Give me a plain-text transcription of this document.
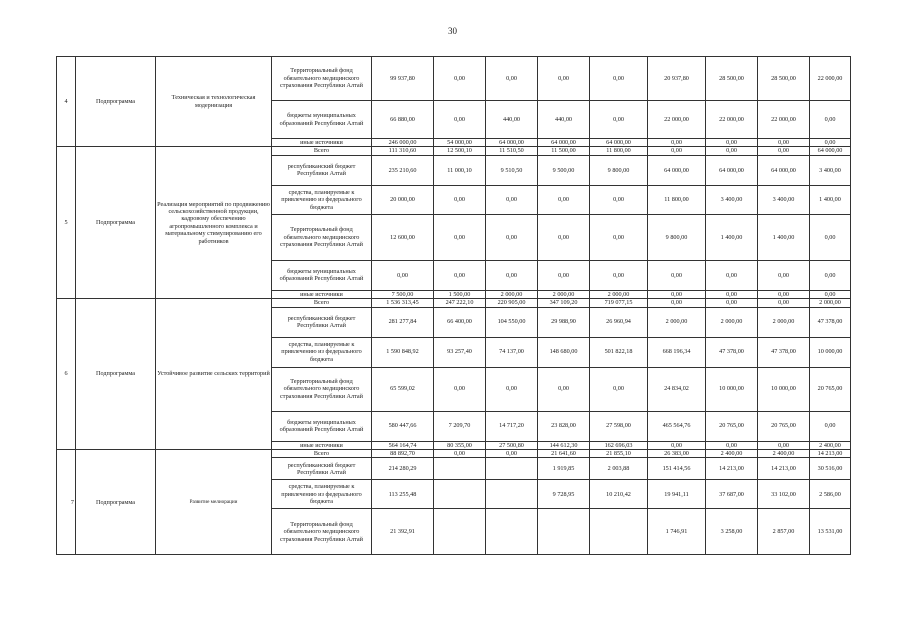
30
4	Подпрограмма	Техническая и технологическая модернизация	Территориальный фонд обязательного медицинского страхования Республики Алтай	99 937,80	0,00	0,00	0,00	0,00	20 937,80	28 500,00	28 500,00	22 000,00
			бюджеты муниципальных образований Республики Алтай	66 880,00	0,00	440,00	440,00	0,00	22 000,00	22 000,00	22 000,00	0,00
			иные источники	246 000,00	54 000,00	64 000,00	64 000,00	64 000,00	0,00	0,00	0,00	0,00
5	Подпрограмма	Реализация мероприятий по продвижению сельскохозяйственной продукции, кадровому обеспечению агропромышленного комплекса и материальному стимулированию его работников	Всего	111 310,60	12 500,10	11 510,50	11 500,00	11 800,00	0,00	0,00	0,00	64 000,00
			республиканский бюджет Республики Алтай	235 210,60	11 000,10	9 510,50	9 500,00	9 800,00	64 000,00	64 000,00	64 000,00	3 400,00
			средства, планируемые к привлечению из федерального бюджета	20 000,00	0,00	0,00	0,00	0,00	11 800,00	3 400,00	3 400,00	1 400,00
			Территориальный фонд обязательного медицинского страхования Республики Алтай	12 600,00	0,00	0,00	0,00	0,00	9 800,00	1 400,00	1 400,00	0,00
			бюджеты муниципальных образований Республики Алтай	0,00	0,00	0,00	0,00	0,00	0,00	0,00	0,00	0,00
			иные источники	7 500,00	1 500,00	2 000,00	2 000,00	2 000,00	0,00	0,00	0,00	0,00
6	Подпрограмма	Устойчивое развитие сельских территорий	Всего	1 536 313,45	247 222,10	220 905,00	347 109,20	719 077,15	0,00	0,00	0,00	2 000,00
			республиканский бюджет Республики Алтай	281 277,84	66 400,00	104 550,00	29 988,90	26 960,94	2 000,00	2 000,00	2 000,00	47 378,00
			средства, планируемые к привлечению из федерального бюджета	1 590 848,92	93 257,40	74 137,00	148 680,00	501 822,18	668 196,34	47 378,00	47 378,00	10 000,00
			Территориальный фонд обязательного медицинского страхования Республики Алтай	65 599,02	0,00	0,00	0,00	0,00	24 834,02	10 000,00	10 000,00	20 765,00
			бюджеты муниципальных образований Республики Алтай	580 447,66	7 209,70	14 717,20	23 828,00	27 598,00	465 564,76	20 765,00	20 765,00	0,00
			иные источники	564 164,74	80 355,00	27 500,80	144 612,30	162 696,03	0,00	0,00	0,00	2 400,00
7	Подпрограмма	Развитие мелиорации	Всего	88 892,70	0,00	0,00	21 641,60	21 855,10	26 383,00	2 400,00	2 400,00	14 213,00
			республиканский бюджет Республики Алтай	214 280,29			1 919,85	2 003,88	151 414,56	14 213,00	14 213,00	30 516,00
			средства, планируемые к привлечению из федерального бюджета	113 255,48			9 728,95	10 210,42	19 941,11	37 687,00	33 102,00	2 586,00
			Территориальный фонд обязательного медицинского страхования Республики Алтай	21 392,91					1 746,91	3 258,00	2 857,00	13 531,00
